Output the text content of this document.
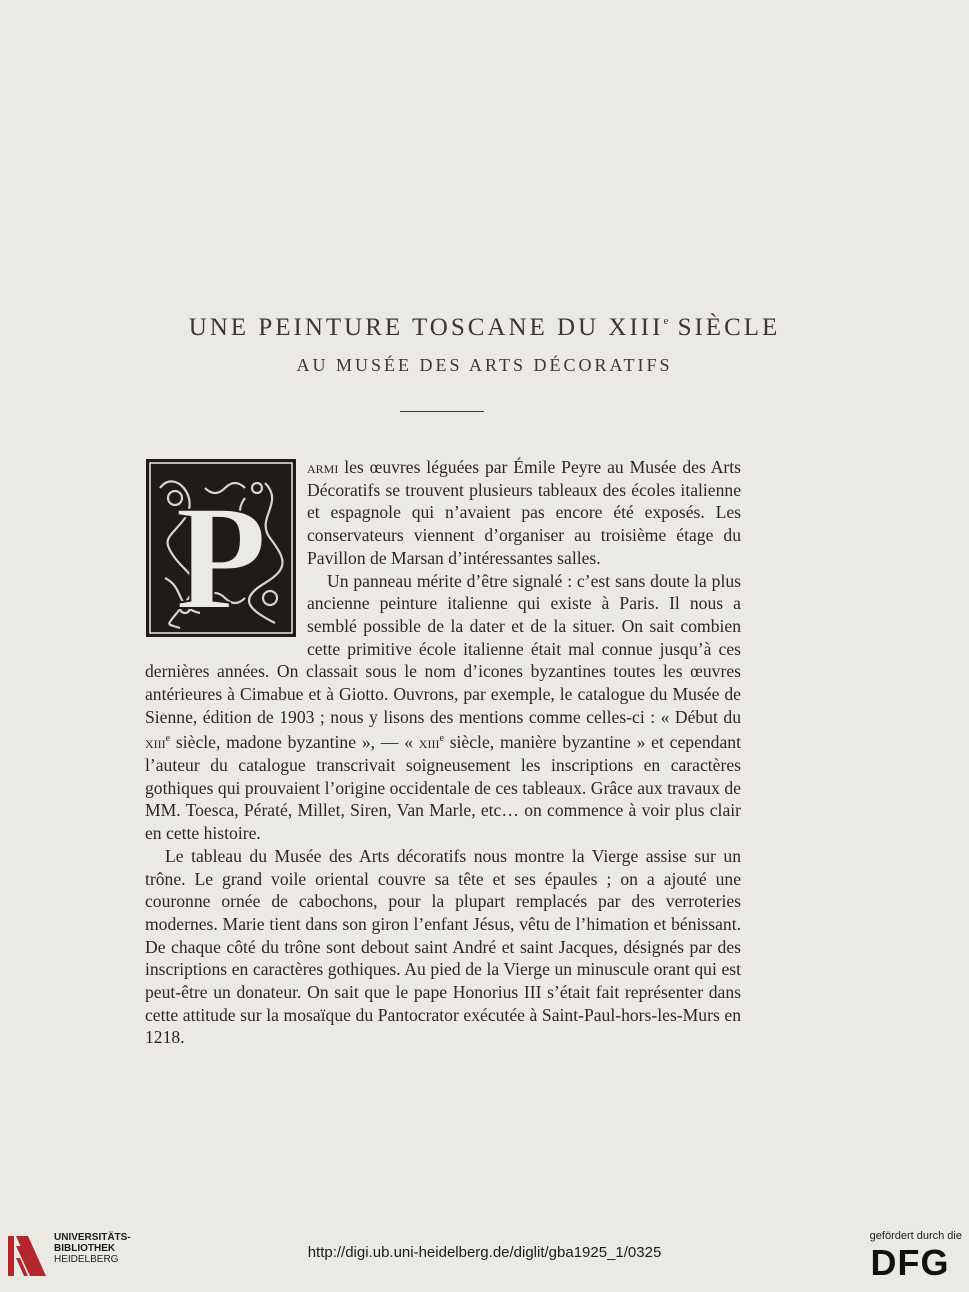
UNE PEINTURE TOSCANE DU XIIIe SIÈCLE
AU MUSÉE DES ARTS DÉCORATIFS
P

armi les œuvres léguées par Émile Peyre au Musée des Arts Décoratifs se trouvent plusieurs tableaux des écoles italienne et espagnole qui n’avaient pas encore été exposés. Les conservateurs viennent d’organiser au troisième étage du Pavillon de Marsan d’intéressantes salles.

Un panneau mérite d’être signalé : c’est sans doute la plus ancienne peinture italienne qui existe à Paris. Il nous a semblé possible de la dater et de la situer. On sait combien cette primitive école italienne était mal connue jusqu’à ces dernières années. On classait sous le nom d’icones byzantines toutes les œuvres antérieures à Cimabue et à Giotto. Ouvrons, par exemple, le catalogue du Musée de Sienne, édition de 1903 ; nous y lisons des mentions comme celles-ci : « Début du xiii$^e$ siècle, madone byzantine », — « xiii$^e$ siècle, manière byzantine » et cependant l’auteur du catalogue transcrivait soigneusement les inscriptions en caractères gothiques qui prouvaient l’origine occidentale de ces tableaux. Grâce aux travaux de MM. Toesca, Pératé, Millet, Siren, Van Marle, etc… on commence à voir plus clair en cette histoire.

Le tableau du Musée des Arts décoratifs nous montre la Vierge assise sur un trône. Le grand voile oriental couvre sa tête et ses épaules ; on a ajouté une couronne ornée de cabochons, pour la plupart remplacés par des verroteries modernes. Marie tient dans son giron l’enfant Jésus, vêtu de l’himation et bénissant. De chaque côté du trône sont debout saint André et saint Jacques, désignés par des inscriptions en caractères gothiques. Au pied de la Vierge un minuscule orant qui est peut-être un donateur. On sait que le pape Honorius III s’était fait représenter dans cette attitude sur la mosaïque du Pantocrator exécutée à Saint-Paul-hors-les-Murs en 1218.

UNIVERSITÄTS-
BIBLIOTHEK
HEIDELBERG	http://digi.ub.uni-heidelberg.de/diglit/gba1925_1/0325
gefördert durch die
DFG
